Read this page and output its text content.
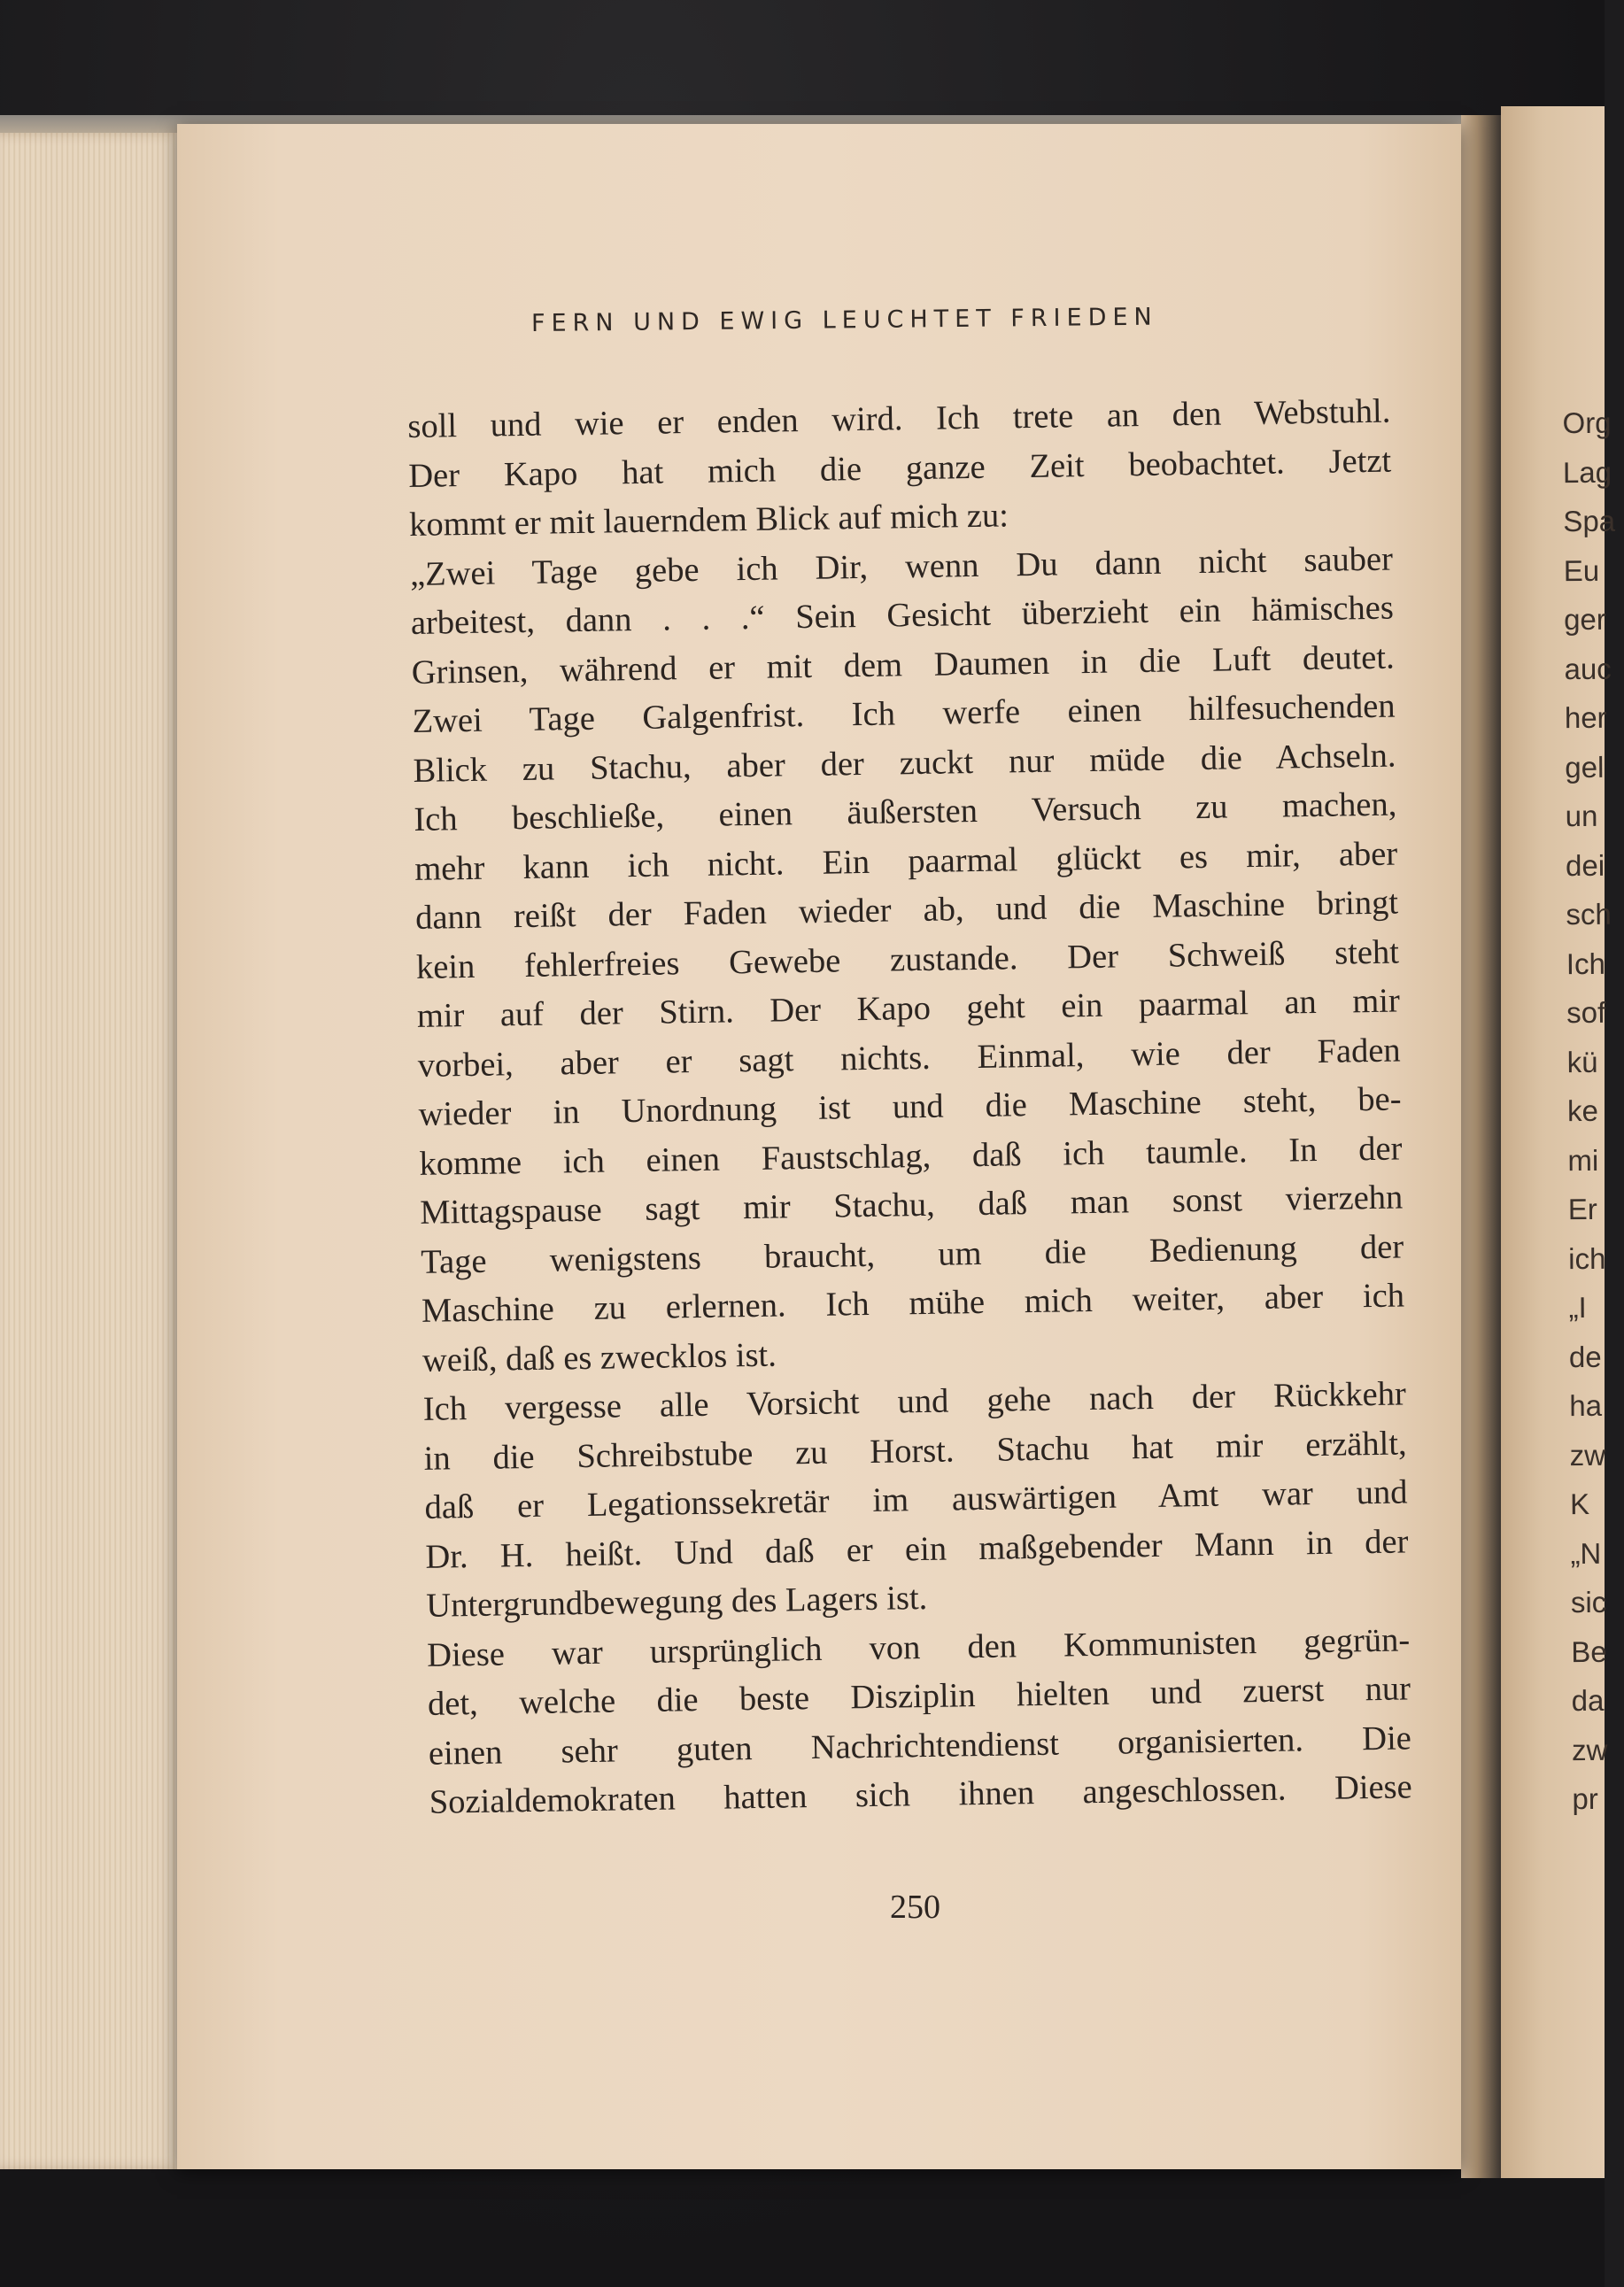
FERN UND EWIG LEUCHTET FRIEDEN
soll und wie er enden wird. Ich trete an den Webstuhl.
Der Kapo hat mich die ganze Zeit beobachtet. Jetzt
kommt er mit lauerndem Blick auf mich zu:
„Zwei Tage gebe ich Dir, wenn Du dann nicht sauber
arbeitest, dann . . .“ Sein Gesicht überzieht ein hämisches
Grinsen, während er mit dem Daumen in die Luft deutet.
Zwei Tage Galgenfrist. Ich werfe einen hilfesuchenden
Blick zu Stachu, aber der zuckt nur müde die Achseln.
Ich beschließe, einen äußersten Versuch zu machen,
mehr kann ich nicht. Ein paarmal glückt es mir, aber
dann reißt der Faden wieder ab, und die Maschine bringt
kein fehlerfreies Gewebe zustande. Der Schweiß steht
mir auf der Stirn. Der Kapo geht ein paarmal an mir
vorbei, aber er sagt nichts. Einmal, wie der Faden
wieder in Unordnung ist und die Maschine steht, be-
komme ich einen Faustschlag, daß ich taumle. In der
Mittagspause sagt mir Stachu, daß man sonst vierzehn
Tage wenigstens braucht, um die Bedienung der
Maschine zu erlernen. Ich mühe mich weiter, aber ich
weiß, daß es zwecklos ist.
Ich vergesse alle Vorsicht und gehe nach der Rückkehr
in die Schreibstube zu Horst. Stachu hat mir erzählt,
daß er Legationssekretär im auswärtigen Amt war und
Dr. H. heißt. Und daß er ein maßgebender Mann in der
Untergrundbewegung des Lagers ist.
Diese war ursprünglich von den Kommunisten gegrün-
det, welche die beste Disziplin hielten und zuerst nur
einen sehr guten Nachrichtendienst organisierten. Die
Sozialdemokraten hatten sich ihnen angeschlossen. Diese
250
Org
Lag
Spa
Eu
ger
auc
her
gel
un
dei
sch
Ich
sof
kü
ke
mi
Er
ich
„I
de
ha
zw
K
„N
sic
Be
da
zw
pr
